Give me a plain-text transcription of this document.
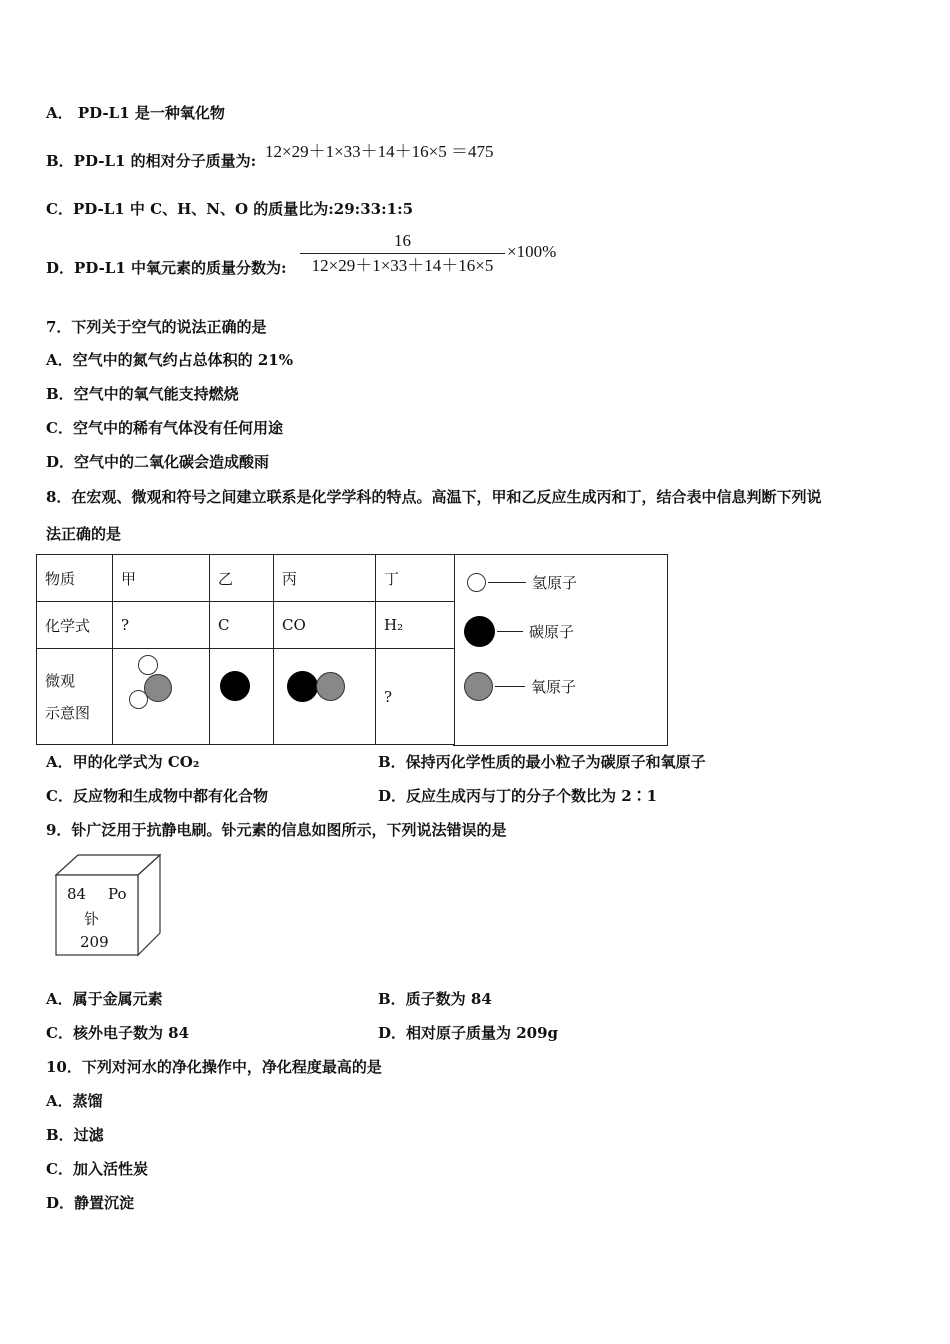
A． PD-L1 是一种氧化物
B．PD-L1 的相对分子质量为: 12×29＋1×33＋14＋16×5 ＝475
C．PD-L1 中 C、H、N、O 的质量比为:29:33:1:5
D．PD-L1 中氧元素的质量分数为:
16
12×29＋1×33＋14＋16×5
×100%
7．下列关于空气的说法正确的是
A．空气中的氮气约占总体积的 21%
B．空气中的氧气能支持燃烧
C．空气中的稀有气体没有任何用途
D．空气中的二氧化碳会造成酸雨
8．在宏观、微观和符号之间建立联系是化学学科的特点。高温下，甲和乙反应生成丙和丁，结合表中信息判断下列说
法正确的是
物质	甲	乙	丙	丁
化学式	?	C	CO	H₂

微观
示意图				?
氢原子
碳原子
氧原子
A．甲的化学式为 CO₂	B．保持丙化学性质的最小粒子为碳原子和氧原子
C．反应物和生成物中都有化合物	D．反应生成丙与丁的分子个数比为 2∶1
9．钋广泛用于抗静电刷。钋元素的信息如图所示，下列说法错误的是
84 Po
钋
209
A．属于金属元素	B．质子数为 84
C．核外电子数为 84	D．相对原子质量为 209g
10．下列对河水的净化操作中，净化程度最高的是
A．蒸馏
B．过滤
C．加入活性炭
D．静置沉淀
